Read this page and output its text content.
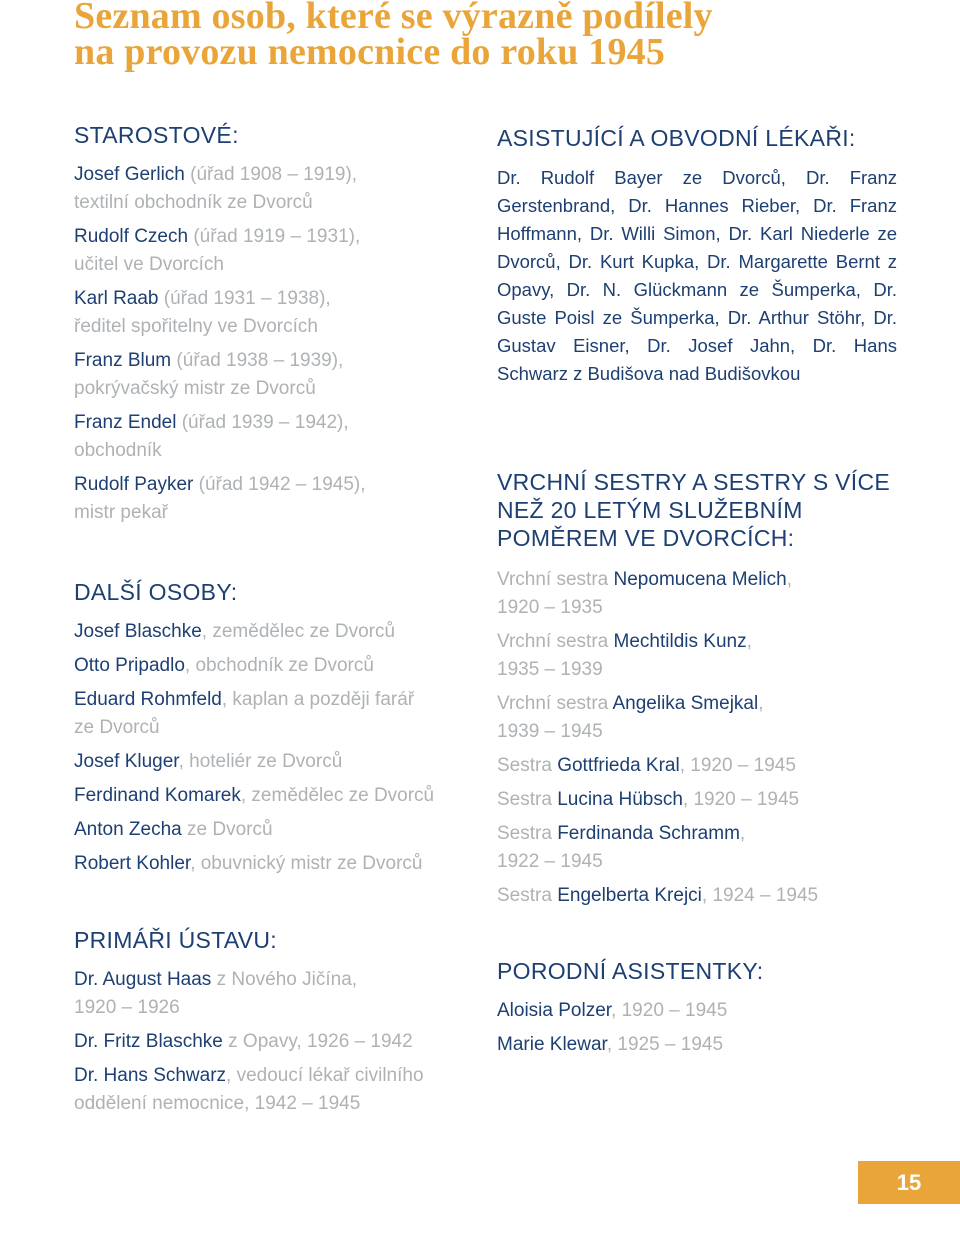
Seznam osob, které se výrazně podílely
na provozu nemocnice do roku 1945
STAROSTOVÉ:
Josef Gerlich (úřad 1908 – 1919),
textilní obchodník ze Dvorců
Rudolf Czech (úřad 1919 – 1931),
učitel ve Dvorcích
Karl Raab (úřad 1931 – 1938),
ředitel spořitelny ve Dvorcích
Franz Blum (úřad 1938 – 1939),
pokrývačský mistr ze Dvorců
Franz Endel (úřad 1939 – 1942),
obchodník
Rudolf Payker (úřad 1942 – 1945),
mistr pekař
DALŠÍ OSOBY:
Josef Blaschke, zemědělec ze Dvorců
Otto Pripadlo, obchodník ze Dvorců
Eduard Rohmfeld, kaplan a později farář
ze Dvorců
Josef Kluger, hoteliér ze Dvorců
Ferdinand Komarek, zemědělec ze Dvorců
Anton Zecha ze Dvorců
Robert Kohler, obuvnický mistr ze Dvorců
PRIMÁŘI ÚSTAVU:
Dr. August Haas z Nového Jičína,
1920 – 1926
Dr. Fritz Blaschke z Opavy, 1926 – 1942
Dr. Hans Schwarz, vedoucí lékař civilního
oddělení nemocnice, 1942 – 1945
ASISTUJÍCÍ A OBVODNÍ LÉKAŘI:

Dr. Rudolf Bayer ze Dvorců, Dr. Franz Gerstenbrand, Dr. Hannes Rieber, Dr. Franz Hoffmann, Dr. Willi Simon, Dr. Karl Niederle ze Dvorců, Dr. Kurt Kupka, Dr. Margarette Bernt z Opavy, Dr. N. Glückmann ze Šumperka, Dr. Guste Poisl ze Šumperka, Dr. Arthur Stöhr, Dr. Gustav Eisner, Dr. Josef Jahn, Dr. Hans Schwarz z Budišova nad Budišovkou

VRCHNÍ SESTRY A SESTRY S VÍCE
NEŽ 20 LETÝM SLUŽEBNÍM
POMĚREM VE DVORCÍCH:
Vrchní sestra Nepomucena Melich,
1920 – 1935
Vrchní sestra Mechtildis Kunz,
1935 – 1939
Vrchní sestra Angelika Smejkal,
1939 – 1945
Sestra Gottfrieda Kral, 1920 – 1945
Sestra Lucina Hübsch, 1920 – 1945
Sestra Ferdinanda Schramm,
1922 – 1945
Sestra Engelberta Krejci, 1924 – 1945
PORODNÍ ASISTENTKY:
Aloisia Polzer, 1920 – 1945
Marie Klewar, 1925 – 1945
15
